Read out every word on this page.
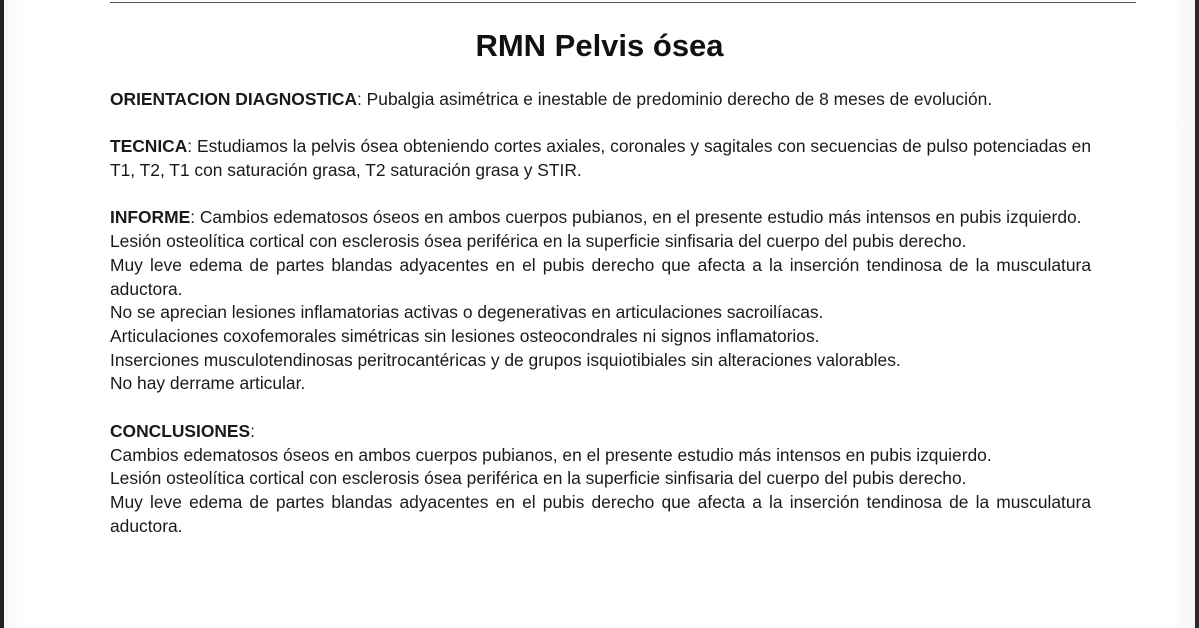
RMN Pelvis ósea

ORIENTACION DIAGNOSTICA: Pubalgia asimétrica e inestable de predominio derecho de 8 meses de evolución.

TECNICA: Estudiamos la pelvis ósea obteniendo cortes axiales, coronales y sagitales con secuencias de pulso potenciadas en T1, T2, T1 con saturación grasa, T2 saturación grasa y STIR.

INFORME: Cambios edematosos óseos en ambos cuerpos pubianos, en el presente estudio más intensos en pubis izquierdo.

Lesión osteolítica cortical con esclerosis ósea periférica en la superficie sinfisaria del cuerpo del pubis derecho.

Muy leve edema de partes blandas adyacentes en el pubis derecho que afecta a la inserción tendinosa de la musculatura aductora.

No se aprecian lesiones inflamatorias activas o degenerativas en articulaciones sacroilíacas.

Articulaciones coxofemorales simétricas sin lesiones osteocondrales ni signos inflamatorios.

Inserciones musculotendinosas peritrocantéricas y de grupos isquiotibiales sin alteraciones valorables.

No hay derrame articular.

CONCLUSIONES:

Cambios edematosos óseos en ambos cuerpos pubianos, en el presente estudio más intensos en pubis izquierdo.

Lesión osteolítica cortical con esclerosis ósea periférica en la superficie sinfisaria del cuerpo del pubis derecho.

Muy leve edema de partes blandas adyacentes en el pubis derecho que afecta a la inserción tendinosa de la musculatura aductora.
